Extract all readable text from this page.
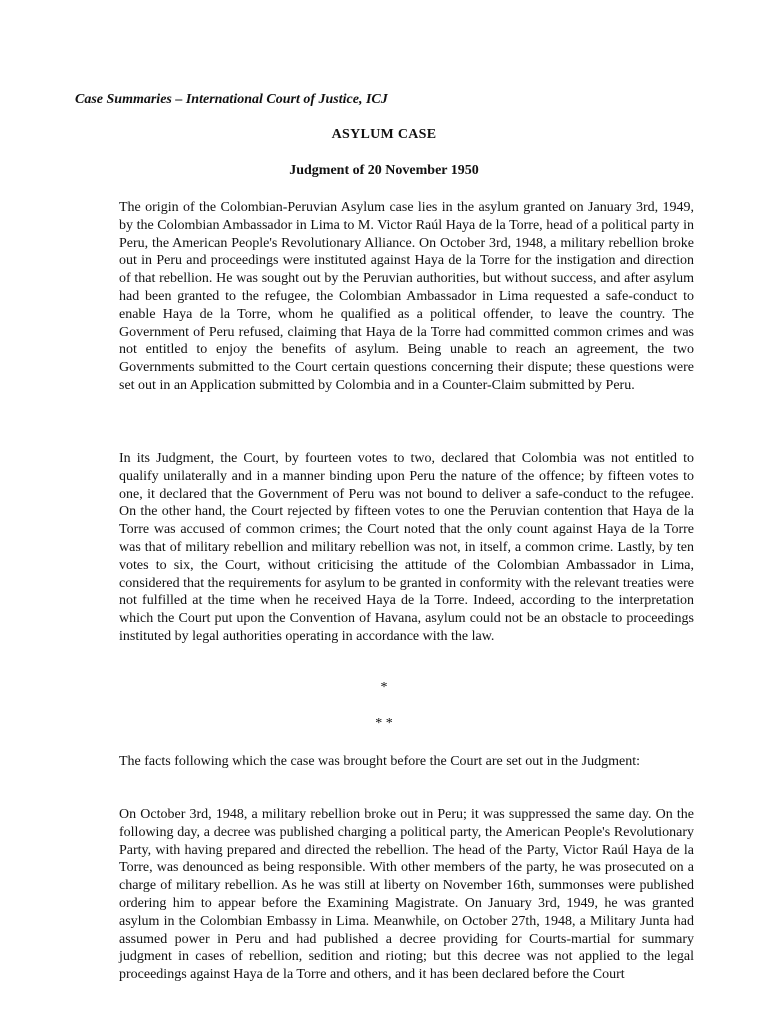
Case Summaries – International Court of Justice, ICJ
ASYLUM CASE
Judgment of 20 November 1950

The origin of the Colombian-Peruvian Asylum case lies in the asylum granted on January 3rd, 1949, by the Colombian Ambassador in Lima to M. Victor Raúl Haya de la Torre, head of a political party in Peru, the American People's Revolutionary Alliance. On October 3rd, 1948, a military rebellion broke out in Peru and proceedings were instituted against Haya de la Torre for the instigation and direction of that rebellion. He was sought out by the Peruvian authorities, but without success, and after asylum had been granted to the refugee, the Colombian Ambassador in Lima requested a safe-conduct to enable Haya de la Torre, whom he qualified as a political offender, to leave the country. The Government of Peru refused, claiming that Haya de la Torre had committed common crimes and was not entitled to enjoy the benefits of asylum. Being unable to reach an agreement, the two Governments submitted to the Court certain questions concerning their dispute; these questions were set out in an Application submitted by Colombia and in a Counter-Claim submitted by Peru.

In its Judgment, the Court, by fourteen votes to two, declared that Colombia was not entitled to qualify unilaterally and in a manner binding upon Peru the nature of the offence; by fifteen votes to one, it declared that the Government of Peru was not bound to deliver a safe-conduct to the refugee. On the other hand, the Court rejected by fifteen votes to one the Peruvian contention that Haya de la Torre was accused of common crimes; the Court noted that the only count against Haya de la Torre was that of military rebellion and military rebellion was not, in itself, a common crime. Lastly, by ten votes to six, the Court, without criticising the attitude of the Colombian Ambassador in Lima, considered that the requirements for asylum to be granted in conformity with the relevant treaties were not fulfilled at the time when he received Haya de la Torre. Indeed, according to the interpretation which the Court put upon the Convention of Havana, asylum could not be an obstacle to proceedings instituted by legal authorities operating in accordance with the law.

*
* *

The facts following which the case was brought before the Court are set out in the Judgment:

On October 3rd, 1948, a military rebellion broke out in Peru; it was suppressed the same day. On the following day, a decree was published charging a political party, the American People's Revolutionary Party, with having prepared and directed the rebellion. The head of the Party, Victor Raúl Haya de la Torre, was denounced as being responsible. With other members of the party, he was prosecuted on a charge of military rebellion. As he was still at liberty on November 16th, summonses were published ordering him to appear before the Examining Magistrate. On January 3rd, 1949, he was granted asylum in the Colombian Embassy in Lima. Meanwhile, on October 27th, 1948, a Military Junta had assumed power in Peru and had published a decree providing for Courts-martial for summary judgment in cases of rebellion, sedition and rioting; but this decree was not applied to the legal proceedings against Haya de la Torre and others, and it has been declared before the Court
